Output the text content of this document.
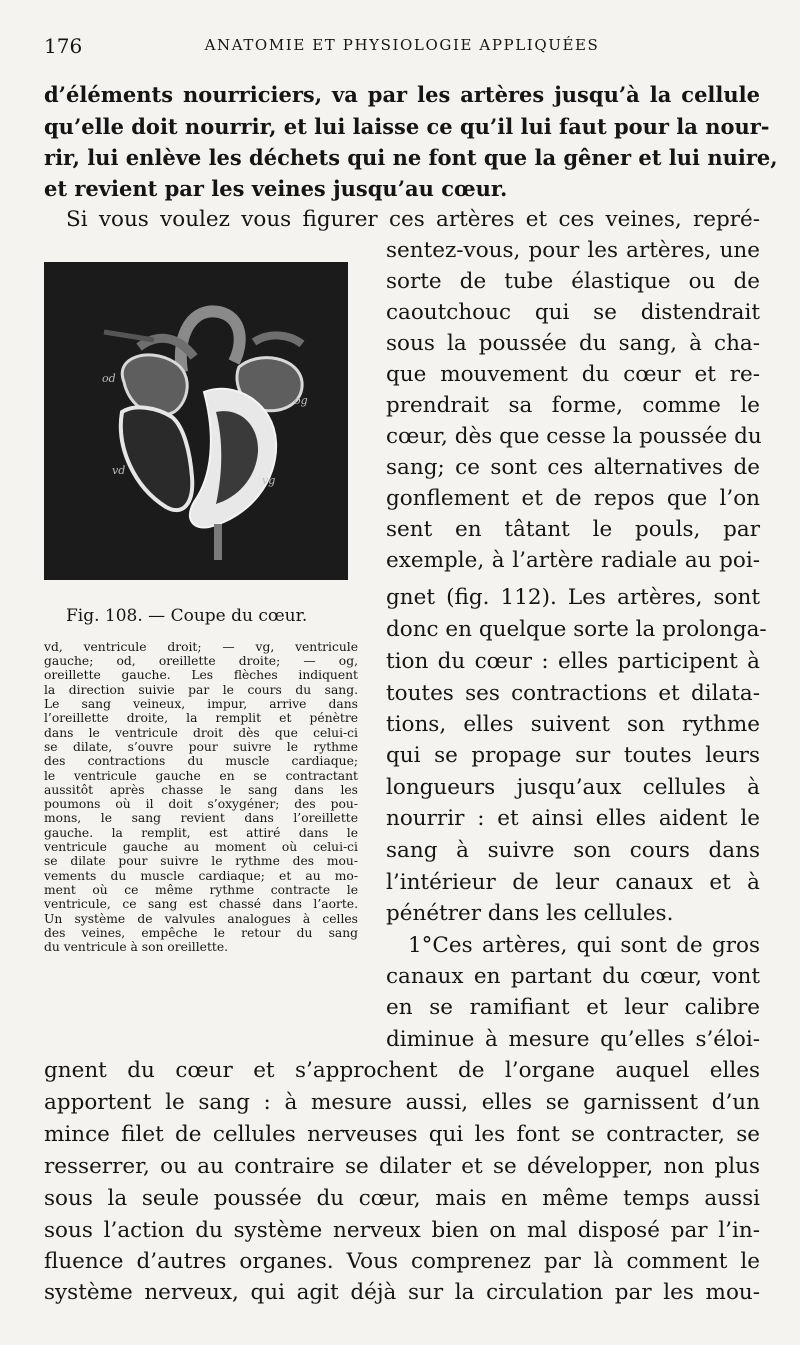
176	ANATOMIE ET PHYSIOLOGIE APPLIQUÉES
d’éléments nourriciers, va par les artères jusqu’à la cellule
qu’elle doit nourrir, et lui laisse ce qu’il lui faut pour la nour-
rir, lui enlève les déchets qui ne font que la gêner et lui nuire,
et revient par les veines jusqu’au cœur.
Si vous voulez vous figurer ces artères et ces veines, repré-
sentez-vous, pour les artères, une
sorte de tube élastique ou de
caoutchouc qui se distendrait
sous la poussée du sang, à cha-
que mouvement du cœur et re-
prendrait sa forme, comme le
cœur, dès que cesse la poussée du
sang; ce sont ces alternatives de
gonflement et de repos que l’on
sent en tâtant le pouls, par
exemple, à l’artère radiale au poi-
gnet (fig. 112). Les artères, sont
donc en quelque sorte la prolonga-
tion du cœur : elles participent à
toutes ses contractions et dilata-
tions, elles suivent son rythme
qui se propage sur toutes leurs
longueurs jusqu’aux cellules à
nourrir : et ainsi elles aident le
sang à suivre son cours dans
l’intérieur de leur canaux et à
pénétrer dans les cellules.
1°Ces artères, qui sont de gros
canaux en partant du cœur, vont
en se ramifiant et leur calibre
diminue à mesure qu’elles s’éloi-
gnent du cœur et s’approchent de l’organe auquel elles
apportent le sang : à mesure aussi, elles se garnissent d’un
mince filet de cellules nerveuses qui les font se contracter, se
resserrer, ou au contraire se dilater et se développer, non plus
sous la seule poussée du cœur, mais en même temps aussi
sous l’action du système nerveux bien on mal disposé par l’in-
fluence d’autres organes. Vous comprenez par là comment le
système nerveux, qui agit déjà sur la circulation par les mou-
od
og
vd
vg
Fig. 108. — Coupe du cœur.
vd, ventricule droit; — vg, ventricule
gauche; od, oreillette droite; — og,
oreillette gauche. Les flèches indiquent
la direction suivie par le cours du sang.
Le sang veineux, impur, arrive dans
l’oreillette droite, la remplit et pénètre
dans le ventricule droit dès que celui-ci
se dilate, s’ouvre pour suivre le rythme
des contractions du muscle cardiaque;
le ventricule gauche en se contractant
aussitôt après chasse le sang dans les
poumons où il doit s’oxygéner; des pou-
mons, le sang revient dans l’oreillette
gauche. la remplit, est attiré dans le
ventricule gauche au moment où celui-ci
se dilate pour suivre le rythme des mou-
vements du muscle cardiaque; et au mo-
ment où ce même rythme contracte le
ventricule, ce sang est chassé dans l’aorte.
Un système de valvules analogues à celles
des veines, empêche le retour du sang
du ventricule à son oreillette.
